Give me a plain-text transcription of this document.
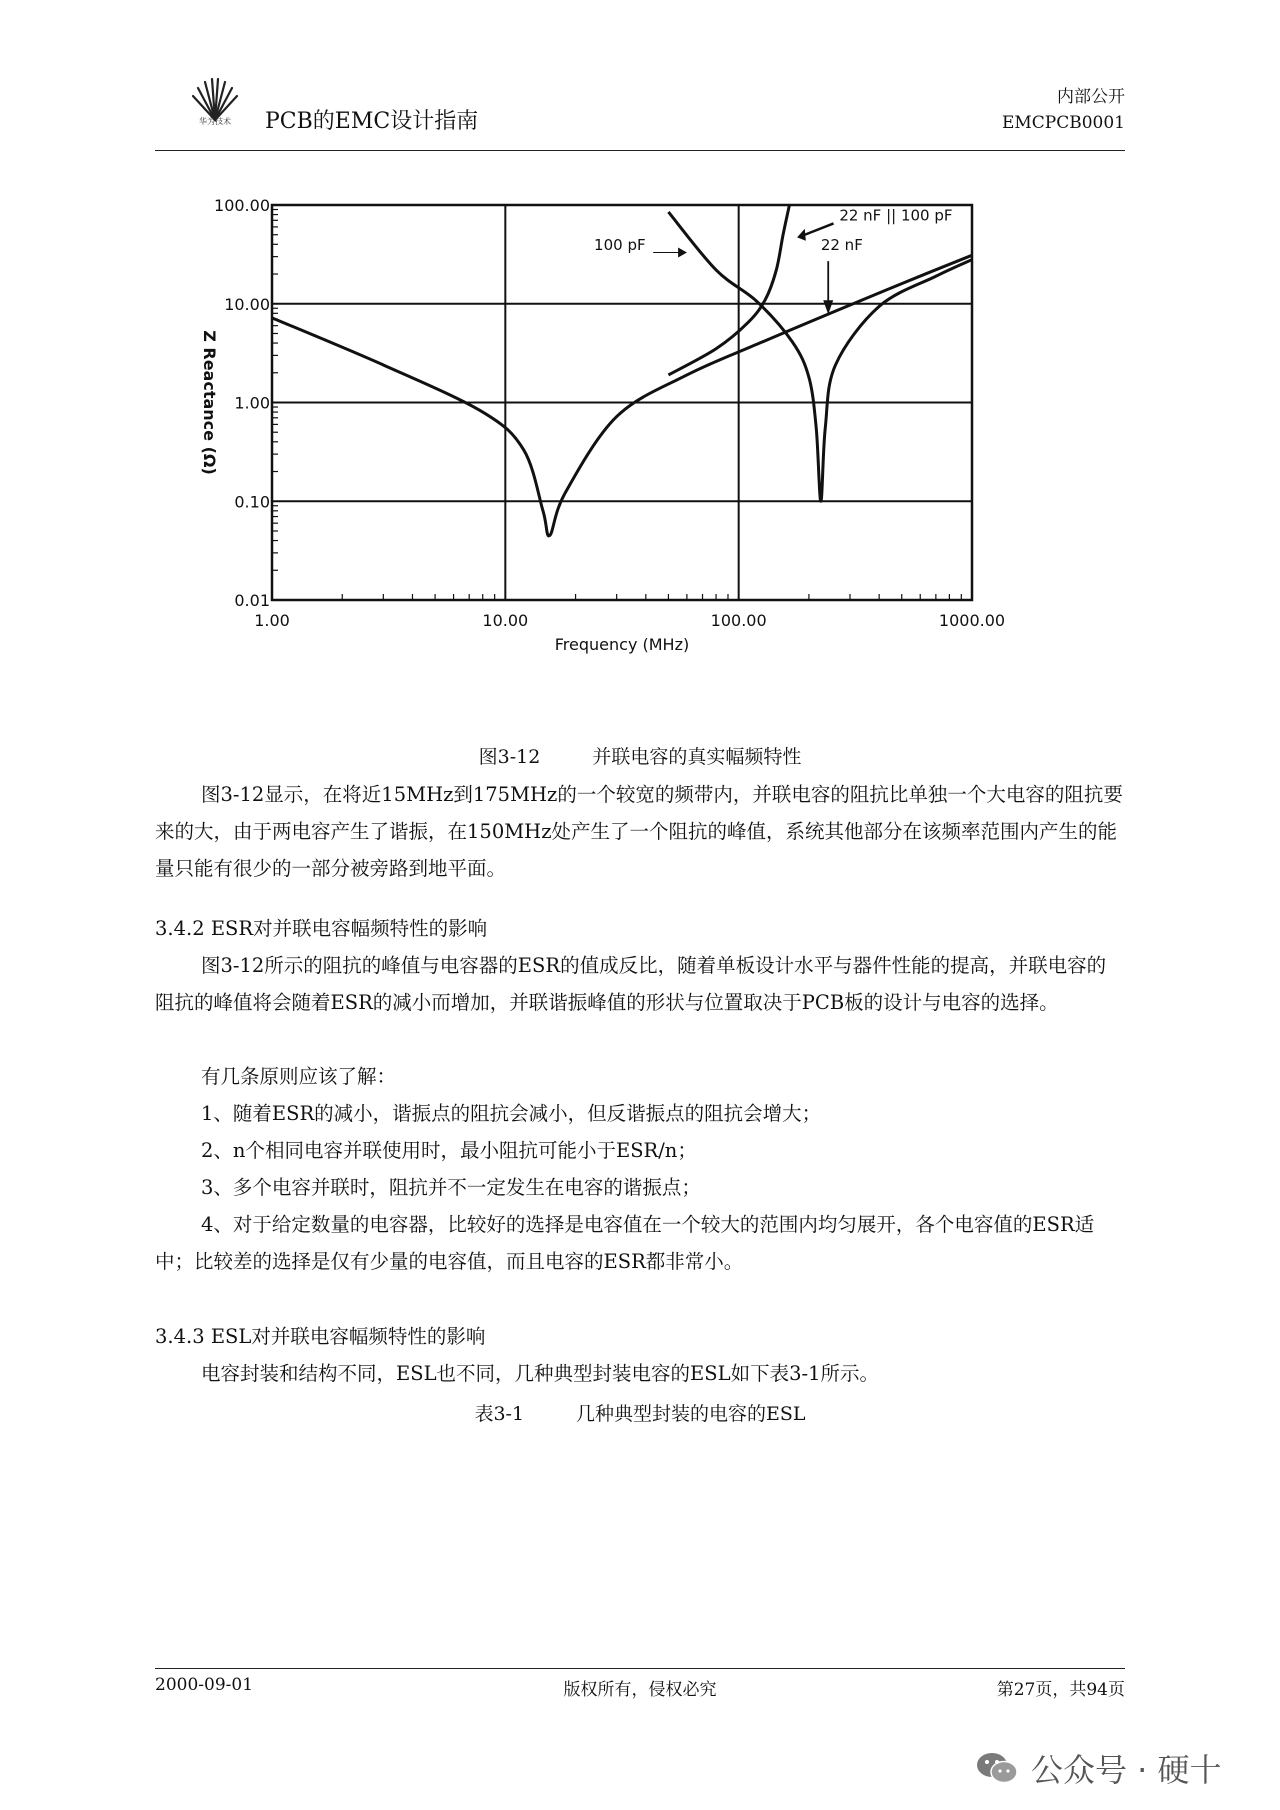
华为技术	PCB的EMC设计指南
内部公开
EMCPCB0001
1.00	10.00	100.00	1000.00
0.01
0.10
1.00
10.00
100.00
Frequency (MHz)
Z Reactance (Ω)
100 pF	22 nF
22 nF || 100 pF
图3-12	并联电容的真实幅频特性
图3-12显示，在将近15MHz到175MHz的一个较宽的频带内，并联电容的阻抗比单独一个大电容的阻抗要来的大，由于两电容产生了谐振，在150MHz处产生了一个阻抗的峰值，系统其他部分在该频率范围内产生的能量只能有很少的一部分被旁路到地平面。
3.4.2 ESR对并联电容幅频特性的影响
图3-12所示的阻抗的峰值与电容器的ESR的值成反比，随着单板设计水平与器件性能的提高，并联电容的阻抗的峰值将会随着ESR的减小而增加，并联谐振峰值的形状与位置取决于PCB板的设计与电容的选择。
有几条原则应该了解：
1、随着ESR的减小，谐振点的阻抗会减小，但反谐振点的阻抗会增大；
2、n个相同电容并联使用时，最小阻抗可能小于ESR/n；
3、多个电容并联时，阻抗并不一定发生在电容的谐振点；
4、对于给定数量的电容器，比较好的选择是电容值在一个较大的范围内均匀展开，各个电容值的ESR适中；比较差的选择是仅有少量的电容值，而且电容的ESR都非常小。
3.4.3 ESL对并联电容幅频特性的影响
电容封装和结构不同，ESL也不同，几种典型封装电容的ESL如下表3-1所示。
表3-1	几种典型封装的电容的ESL
2000-09-01	版权所有，侵权必究	第27页，共94页
公众号 · 硬十
